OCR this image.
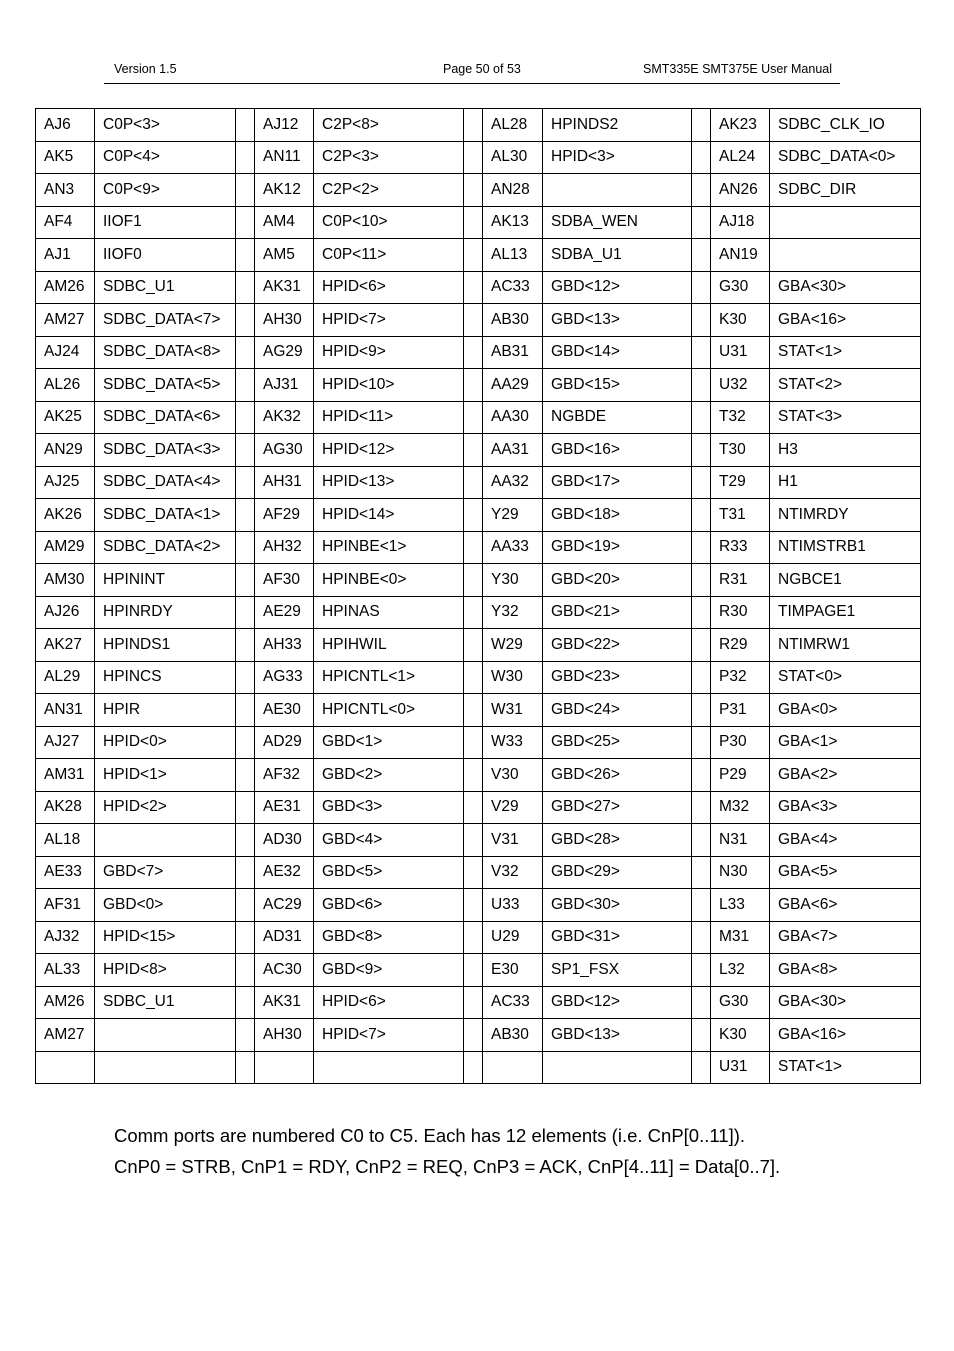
Version 1.5	Page 50 of 53	SMT335E SMT375E User Manual
AJ6	C0P<3>		AJ12	C2P<8>		AL28	HPINDS2		AK23	SDBC_CLK_IO
AK5	C0P<4>		AN11	C2P<3>		AL30	HPID<3>		AL24	SDBC_DATA<0>
AN3	C0P<9>		AK12	C2P<2>		AN28			AN26	SDBC_DIR
AF4	IIOF1		AM4	C0P<10>		AK13	SDBA_WEN		AJ18	
AJ1	IIOF0		AM5	C0P<11>		AL13	SDBA_U1		AN19	
AM26	SDBC_U1		AK31	HPID<6>		AC33	GBD<12>		G30	GBA<30>
AM27	SDBC_DATA<7>		AH30	HPID<7>		AB30	GBD<13>		K30	GBA<16>
AJ24	SDBC_DATA<8>		AG29	HPID<9>		AB31	GBD<14>		U31	STAT<1>
AL26	SDBC_DATA<5>		AJ31	HPID<10>		AA29	GBD<15>		U32	STAT<2>
AK25	SDBC_DATA<6>		AK32	HPID<11>		AA30	NGBDE		T32	STAT<3>
AN29	SDBC_DATA<3>		AG30	HPID<12>		AA31	GBD<16>		T30	H3
AJ25	SDBC_DATA<4>		AH31	HPID<13>		AA32	GBD<17>		T29	H1
AK26	SDBC_DATA<1>		AF29	HPID<14>		Y29	GBD<18>		T31	NTIMRDY
AM29	SDBC_DATA<2>		AH32	HPINBE<1>		AA33	GBD<19>		R33	NTIMSTRB1
AM30	HPININT		AF30	HPINBE<0>		Y30	GBD<20>		R31	NGBCE1
AJ26	HPINRDY		AE29	HPINAS		Y32	GBD<21>		R30	TIMPAGE1
AK27	HPINDS1		AH33	HPIHWIL		W29	GBD<22>		R29	NTIMRW1
AL29	HPINCS		AG33	HPICNTL<1>		W30	GBD<23>		P32	STAT<0>
AN31	HPIR		AE30	HPICNTL<0>		W31	GBD<24>		P31	GBA<0>
AJ27	HPID<0>		AD29	GBD<1>		W33	GBD<25>		P30	GBA<1>
AM31	HPID<1>		AF32	GBD<2>		V30	GBD<26>		P29	GBA<2>
AK28	HPID<2>		AE31	GBD<3>		V29	GBD<27>		M32	GBA<3>
AL18			AD30	GBD<4>		V31	GBD<28>		N31	GBA<4>
AE33	GBD<7>		AE32	GBD<5>		V32	GBD<29>		N30	GBA<5>
AF31	GBD<0>		AC29	GBD<6>		U33	GBD<30>		L33	GBA<6>
AJ32	HPID<15>		AD31	GBD<8>		U29	GBD<31>		M31	GBA<7>
AL33	HPID<8>		AC30	GBD<9>		E30	SP1_FSX		L32	GBA<8>
AM26	SDBC_U1		AK31	HPID<6>		AC33	GBD<12>		G30	GBA<30>
AM27			AH30	HPID<7>		AB30	GBD<13>		K30	GBA<16>
									U31	STAT<1>

Comm ports are numbered C0 to C5. Each has 12 elements (i.e. CnP[0..11]).

CnP0 = STRB, CnP1 = RDY, CnP2 = REQ, CnP3 = ACK, CnP[4..11] = Data[0..7].
